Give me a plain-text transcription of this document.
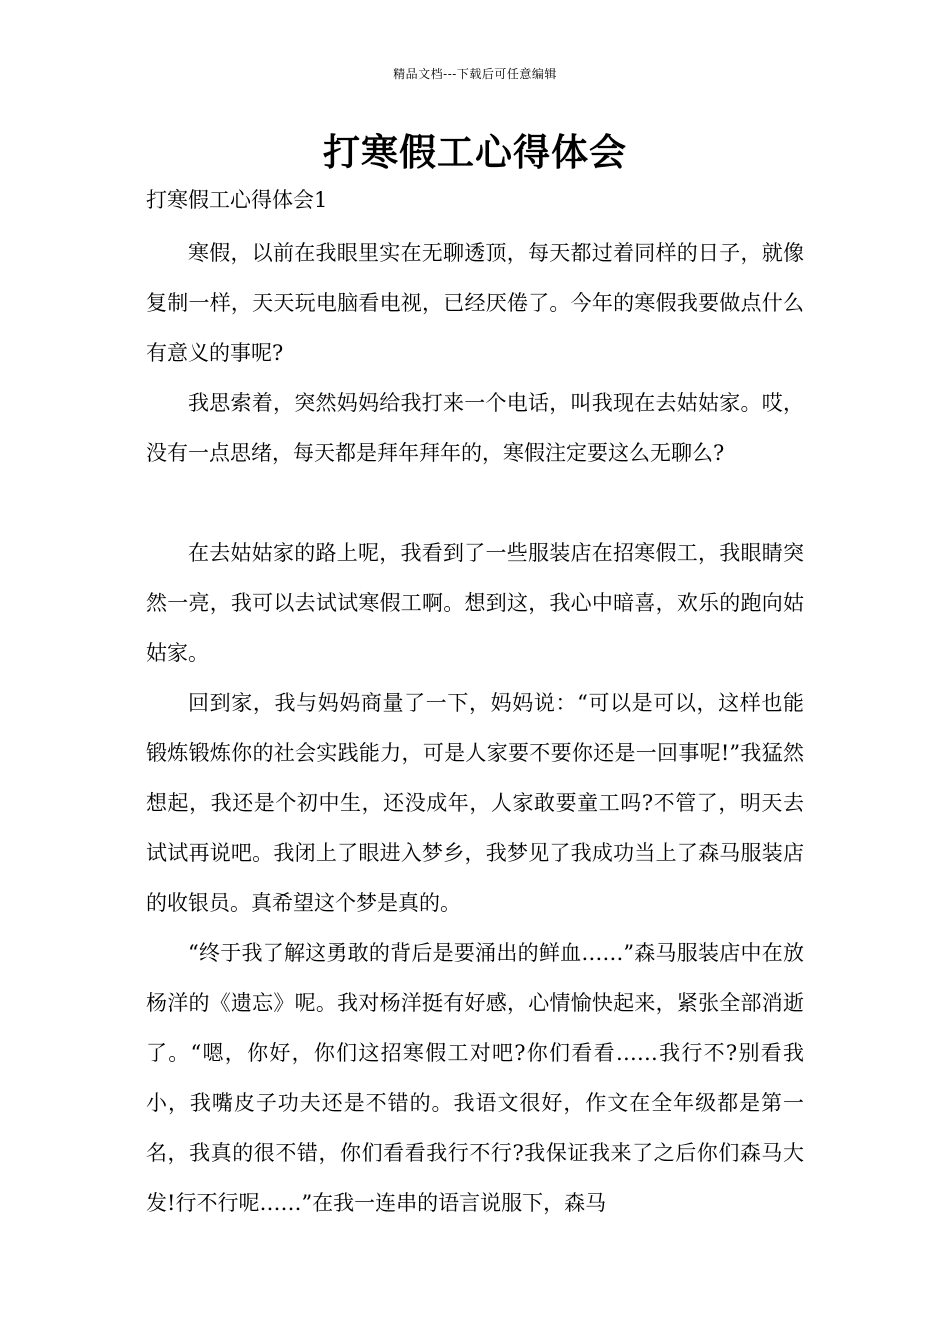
精品文档---下载后可任意编辑
打寒假工心得体会
打寒假工心得体会1

寒假，以前在我眼里实在无聊透顶，每天都过着同样的日子，就像复制一样，天天玩电脑看电视，已经厌倦了。今年的寒假我要做点什么有意义的事呢?

我思索着，突然妈妈给我打来一个电话，叫我现在去姑姑家。哎，没有一点思绪，每天都是拜年拜年的，寒假注定要这么无聊么?

在去姑姑家的路上呢，我看到了一些服装店在招寒假工，我眼睛突然一亮，我可以去试试寒假工啊。想到这，我心中暗喜，欢乐的跑向姑姑家。

回到家，我与妈妈商量了一下，妈妈说：“可以是可以，这样也能锻炼锻炼你的社会实践能力，可是人家要不要你还是一回事呢!”我猛然想起，我还是个初中生，还没成年，人家敢要童工吗?不管了，明天去试试再说吧。我闭上了眼进入梦乡，我梦见了我成功当上了森马服装店的收银员。真希望这个梦是真的。

“终于我了解这勇敢的背后是要涌出的鲜血……”森马服装店中在放杨洋的《遗忘》呢。我对杨洋挺有好感，心情愉快起来，紧张全部消逝了。“嗯，你好，你们这招寒假工对吧?你们看看……我行不?别看我小，我嘴皮子功夫还是不错的。我语文很好，作文在全年级都是第一名，我真的很不错，你们看看我行不行?我保证我来了之后你们森马大发!行不行呢……”在我一连串的语言说服下，森马
